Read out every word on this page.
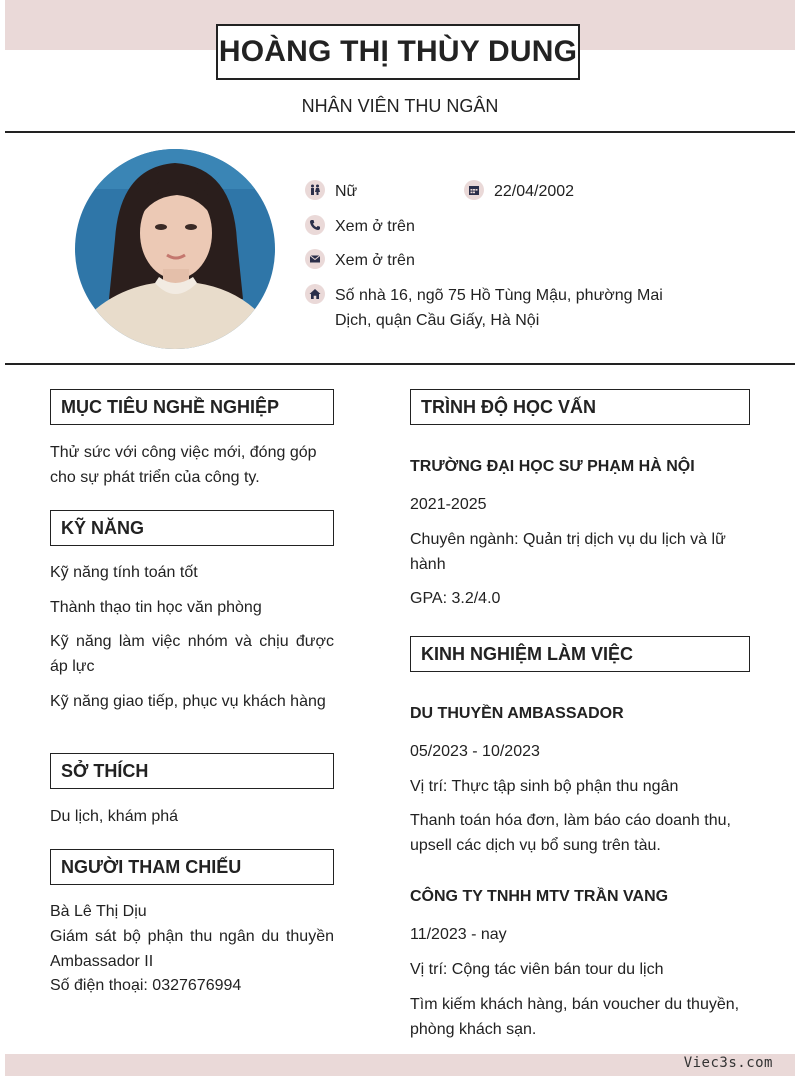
HOÀNG THỊ THÙY DUNG
NHÂN VIÊN THU NGÂN
Nữ	22/04/2002
Xem ở trên
Xem ở trên
Số nhà 16, ngõ 75 Hồ Tùng Mậu, phường Mai Dịch, quận Cầu Giấy, Hà Nội
MỤC TIÊU NGHỀ NGHIỆP
Thử sức với công việc mới, đóng góp cho sự phát triển của công ty.
KỸ NĂNG
Kỹ năng tính toán tốt
Thành thạo tin học văn phòng
Kỹ năng làm việc nhóm và chịu được áp lực
Kỹ năng giao tiếp, phục vụ khách hàng
SỞ THÍCH
Du lịch, khám phá
NGƯỜI THAM CHIẾU
Bà Lê Thị Dịu
Giám sát bộ phận thu ngân du thuyền Ambassador II
Số điện thoại: 0327676994
TRÌNH ĐỘ HỌC VẤN
TRƯỜNG ĐẠI HỌC SƯ PHẠM HÀ NỘI
2021-2025
Chuyên ngành: Quản trị dịch vụ du lịch và lữ hành
GPA: 3.2/4.0
KINH NGHIỆM LÀM VIỆC
DU THUYỀN AMBASSADOR
05/2023 - 10/2023
Vị trí: Thực tập sinh bộ phận thu ngân
Thanh toán hóa đơn, làm báo cáo doanh thu, upsell các dịch vụ bổ sung trên tàu.
CÔNG TY TNHH MTV TRẦN VANG
11/2023 - nay
Vị trí: Cộng tác viên bán tour du lịch
Tìm kiếm khách hàng, bán voucher du thuyền, phòng khách sạn.
Viec3s.com
